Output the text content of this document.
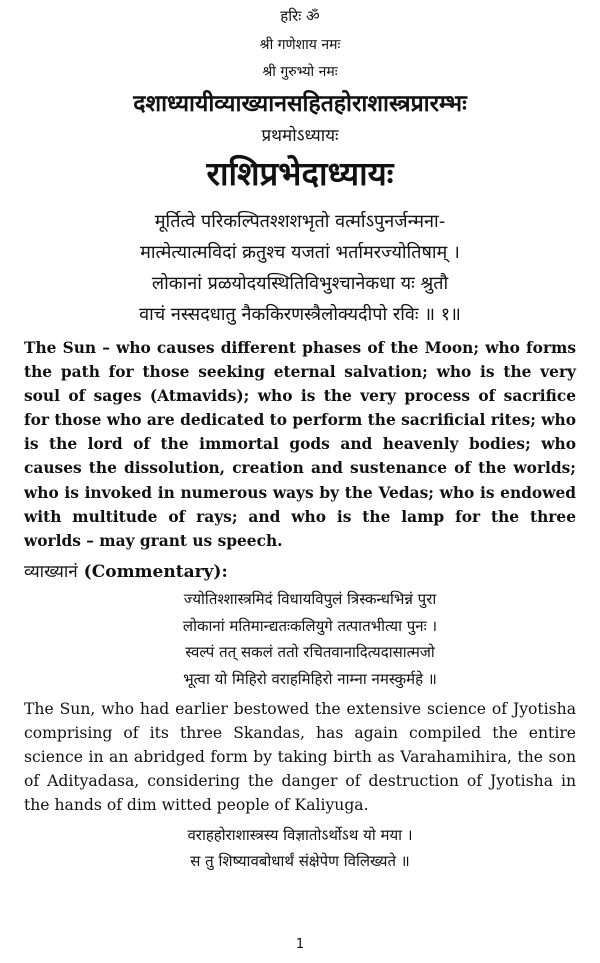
हरिः ॐ
श्री गणेशाय नमः
श्री गुरुभ्यो नमः
दशाध्यायीव्याख्यानसहितहोराशास्त्रप्रारम्भः
प्रथमोऽध्यायः
राशिप्रभेदाध्यायः
मूर्तित्वे परिकल्पितश्शशभृतो वर्त्माऽपुनर्जन्मना-
मात्मेत्यात्मविदां क्रतुश्च यजतां भर्तामरज्योतिषाम् ।
लोकानां प्रळयोदयस्थितिविभुश्चानेकधा यः श्रुतौ
वाचं नस्सदधातु नैककिरणस्त्रैलोक्यदीपो रविः ॥ १॥

The Sun – who causes different phases of the Moon; who forms the path for those seeking eternal salvation; who is the very soul of sages (Atmavids); who is the very process of sacrifice for those who are dedicated to perform the sacrificial rites; who is the lord of the immortal gods and heavenly bodies; who causes the dissolution, creation and sustenance of the worlds; who is invoked in numerous ways by the Vedas; who is endowed with multitude of rays; and who is the lamp for the three worlds – may grant us speech.

व्याख्यानं (Commentary):
ज्योतिश्शास्त्रमिदं विधायविपुलं त्रिस्कन्धभिन्नं पुरा
लोकानां मतिमान्द्यतःकलियुगे तत्पातभीत्या पुनः ।
स्वल्पं तत् सकलं ततो रचितवानादित्यदासात्मजो
भूत्वा यो मिहिरो वराहमिहिरो नाम्ना नमस्कुर्महे ॥

The Sun, who had earlier bestowed the extensive science of Jyotisha comprising of its three Skandas, has again compiled the entire science in an abridged form by taking birth as Varahamihira, the son of Adityadasa, considering the danger of destruction of Jyotisha in the hands of dim witted people of Kaliyuga.

वराहहोराशास्त्रस्य विज्ञातोऽर्थोऽथ यो मया ।
स तु शिष्यावबोधार्थं संक्षेपेण विलिख्यते ॥
1
